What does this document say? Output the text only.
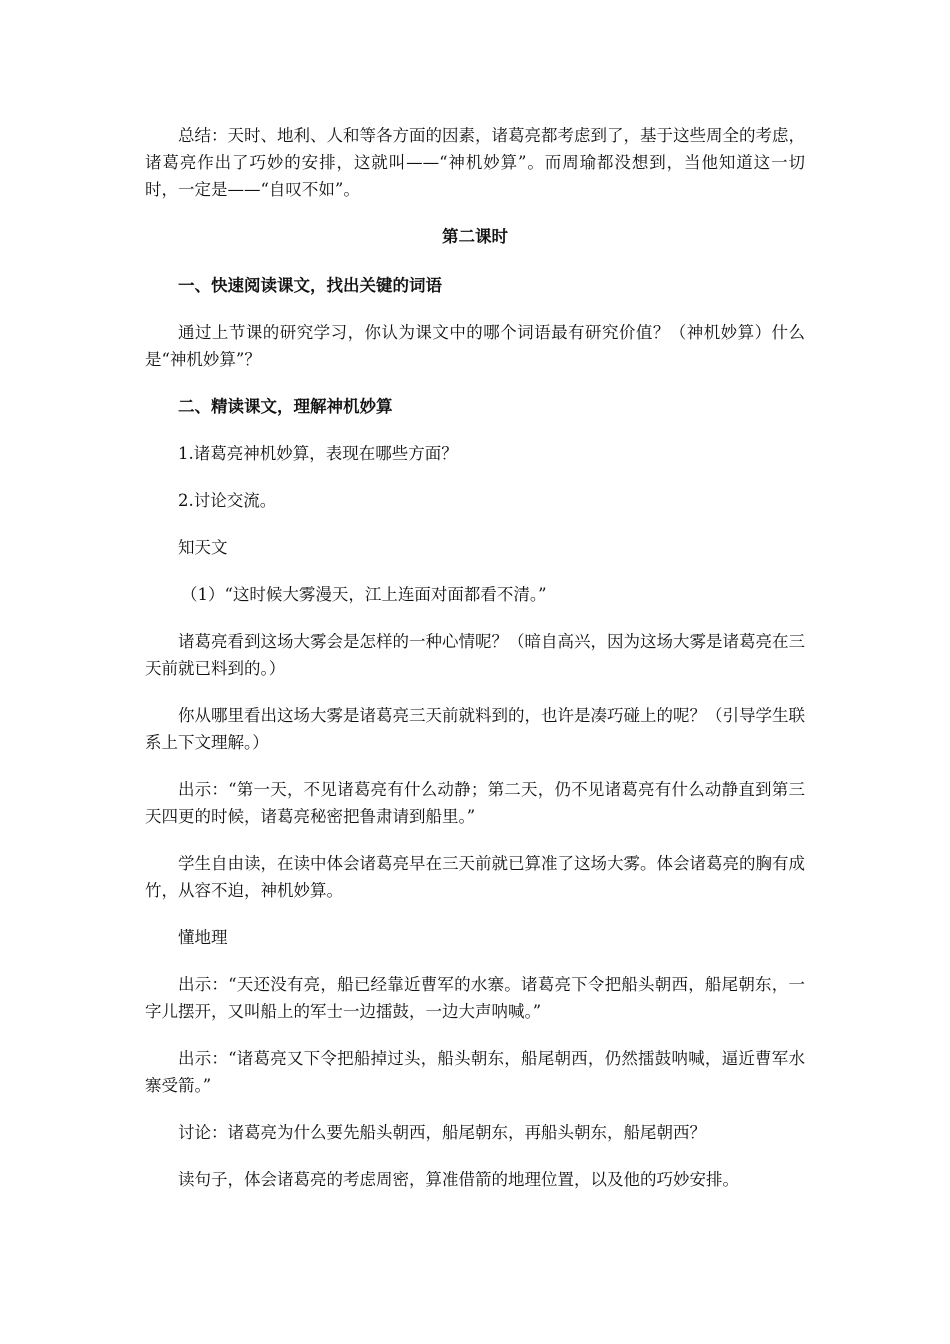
总结：天时、地利、人和等各方面的因素，诸葛亮都考虑到了，基于这些周全的考虑，诸葛亮作出了巧妙的安排，这就叫——“神机妙算”。而周瑜都没想到，当他知道这一切时，一定是——“自叹不如”。

第二课时

一、快速阅读课文，找出关键的词语

通过上节课的研究学习，你认为课文中的哪个词语最有研究价值？（神机妙算）什么是“神机妙算”？

二、精读课文，理解神机妙算

1.诸葛亮神机妙算，表现在哪些方面？

2.讨论交流。

知天文

（1）“这时候大雾漫天，江上连面对面都看不清。”

诸葛亮看到这场大雾会是怎样的一种心情呢？（暗自高兴，因为这场大雾是诸葛亮在三天前就已料到的。）

你从哪里看出这场大雾是诸葛亮三天前就料到的，也许是凑巧碰上的呢？（引导学生联系上下文理解。）

出示：“第一天，不见诸葛亮有什么动静；第二天，仍不见诸葛亮有什么动静直到第三天四更的时候，诸葛亮秘密把鲁肃请到船里。”

学生自由读，在读中体会诸葛亮早在三天前就已算准了这场大雾。体会诸葛亮的胸有成竹，从容不迫，神机妙算。

懂地理

出示：“天还没有亮，船已经靠近曹军的水寨。诸葛亮下令把船头朝西，船尾朝东，一字儿摆开，又叫船上的军士一边擂鼓，一边大声呐喊。”

出示：“诸葛亮又下令把船掉过头，船头朝东，船尾朝西，仍然擂鼓呐喊，逼近曹军水寨受箭。”

讨论：诸葛亮为什么要先船头朝西，船尾朝东，再船头朝东，船尾朝西？

读句子，体会诸葛亮的考虑周密，算准借箭的地理位置，以及他的巧妙安排。
